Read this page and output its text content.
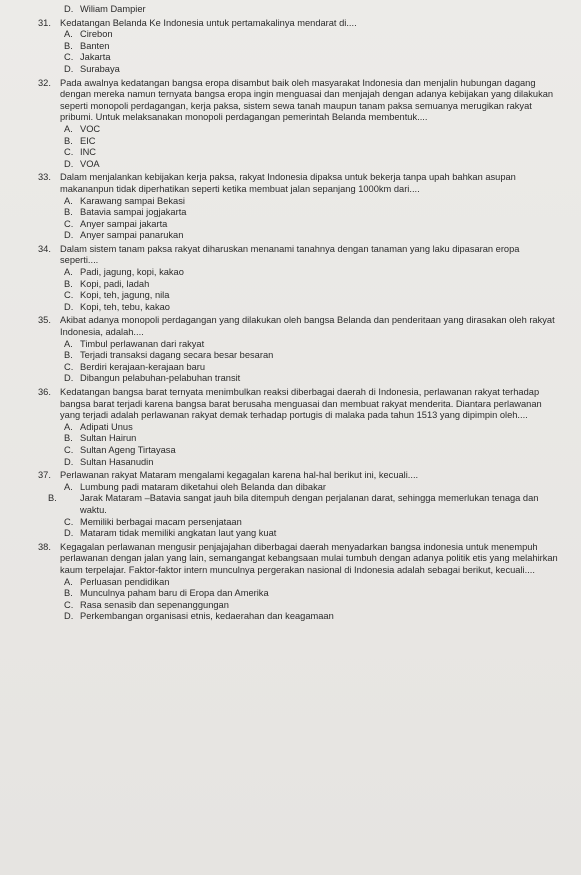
D. Wiliam Dampier
31. Kedatangan Belanda Ke Indonesia untuk pertamakalinya mendarat di....
A. Cirebon
B. Banten
C. Jakarta
D. Surabaya
32. Pada awalnya kedatangan bangsa eropa disambut baik oleh masyarakat Indonesia dan menjalin hubungan dagang dengan mereka namun ternyata bangsa eropa ingin menguasai dan menjajah dengan adanya kebijakan yang dilakukan seperti monopoli perdagangan, kerja paksa, sistem sewa tanah maupun tanam paksa semuanya merugikan rakyat pribumi. Untuk melaksanakan monopoli perdagangan pemerintah Belanda membentuk....
A. VOC
B. EIC
C. INC
D. VOA
33. Dalam menjalankan kebijakan kerja paksa, rakyat Indonesia dipaksa untuk bekerja tanpa upah bahkan asupan makananpun tidak diperhatikan seperti ketika membuat jalan sepanjang 1000km dari....
A. Karawang sampai Bekasi
B. Batavia sampai jogjakarta
C. Anyer sampai jakarta
D. Anyer sampai panarukan
34. Dalam sistem tanam paksa rakyat diharuskan menanami tanahnya dengan tanaman yang laku dipasaran eropa seperti....
A. Padi, jagung, kopi, kakao
B. Kopi, padi, ladah
C. Kopi, teh, jagung, nila
D. Kopi, teh, tebu, kakao
35. Akibat adanya monopoli perdagangan yang dilakukan oleh bangsa Belanda dan penderitaan yang dirasakan oleh rakyat Indonesia, adalah....
A. Timbul perlawanan dari rakyat
B. Terjadi transaksi dagang secara besar besaran
C. Berdiri kerajaan-kerajaan baru
D. Dibangun pelabuhan-pelabuhan transit
36. Kedatangan bangsa barat ternyata menimbulkan reaksi diberbagai daerah di Indonesia, perlawanan rakyat terhadap bangsa barat terjadi karena bangsa barat berusaha menguasai dan membuat rakyat menderita. Diantara perlawanan yang terjadi adalah perlawanan rakyat demak terhadap portugis di malaka pada tahun 1513 yang dipimpin oleh....
A. Adipati Unus
B. Sultan Hairun
C. Sultan Ageng Tirtayasa
D. Sultan Hasanudin
37. Perlawanan rakyat Mataram mengalami kegagalan karena hal-hal berikut ini, kecuali....
A. Lumbung padi mataram diketahui oleh Belanda dan dibakar
B. Jarak Mataram –Batavia sangat jauh bila ditempuh dengan perjalanan darat, sehingga memerlukan tenaga dan waktu.
C. Memiliki berbagai macam persenjataan
D. Mataram tidak memiliki angkatan laut yang kuat
38. Kegagalan perlawanan mengusir penjajajahan diberbagai daerah menyadarkan bangsa indonesia untuk menempuh perlawanan dengan jalan yang lain, semangangat kebangsaan mulai tumbuh dengan adanya politik etis yang melahirkan kaum terpelajar. Faktor-faktor intern munculnya pergerakan nasional di Indonesia adalah sebagai berikut, kecuali....
A. Perluasan pendidikan
B. Munculnya paham baru di Eropa dan Amerika
C. Rasa senasib dan sepenanggungan
D. Perkembangan organisasi etnis, kedaerahan dan keagamaan
